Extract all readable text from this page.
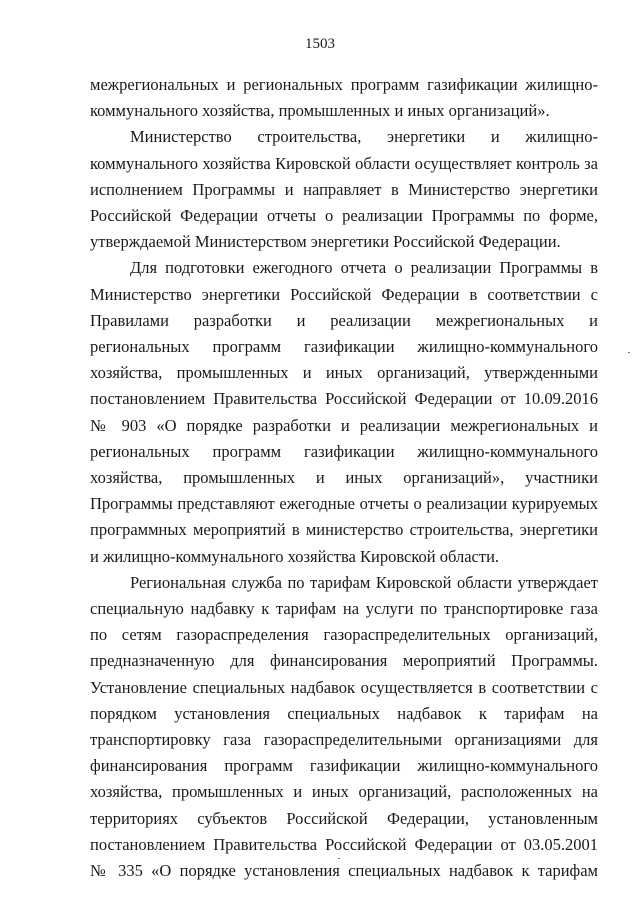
1503

межрегиональных и региональных программ газификации жилищно-коммунального хозяйства, промышленных и иных организаций».

Министерство строительства, энергетики и жилищно-коммунального хозяйства Кировской области осуществляет контроль за исполнением Программы и направляет в Министерство энергетики Российской Федерации отчеты о реализации Программы по форме, утверждаемой Министерством энергетики Российской Федерации.

Для подготовки ежегодного отчета о реализации Программы в Министерство энергетики Российской Федерации в соответствии с Правилами разработки и реализации межрегиональных и региональных программ газификации жилищно-коммунального хозяйства, промышленных и иных организаций, утвержденными постановлением Правительства Российской Федерации от 10.09.2016 № 903 «О порядке разработки и реализации межрегиональных и региональных программ газификации жилищно-коммунального хозяйства, промышленных и иных организаций», участники Программы представляют ежегодные отчеты о реализации курируемых программных мероприятий в министерство строительства, энергетики и жилищно-коммунального хозяйства Кировской области.

Региональная служба по тарифам Кировской области утверждает специальную надбавку к тарифам на услуги по транспортировке газа по сетям газораспределения газораспределительных организаций, предназначенную для финансирования мероприятий Программы. Установление специальных надбавок осуществляется в соответствии с порядком установления специальных надбавок к тарифам на транспортировку газа газораспределительными организациями для финансирования программ газификации жилищно-коммунального хозяйства, промышленных и иных организаций, расположенных на территориях субъектов Российской Федерации, установленным постановлением Правительства Российской Федерации от 03.05.2001 № 335 «О порядке установления специальных надбавок к тарифам
